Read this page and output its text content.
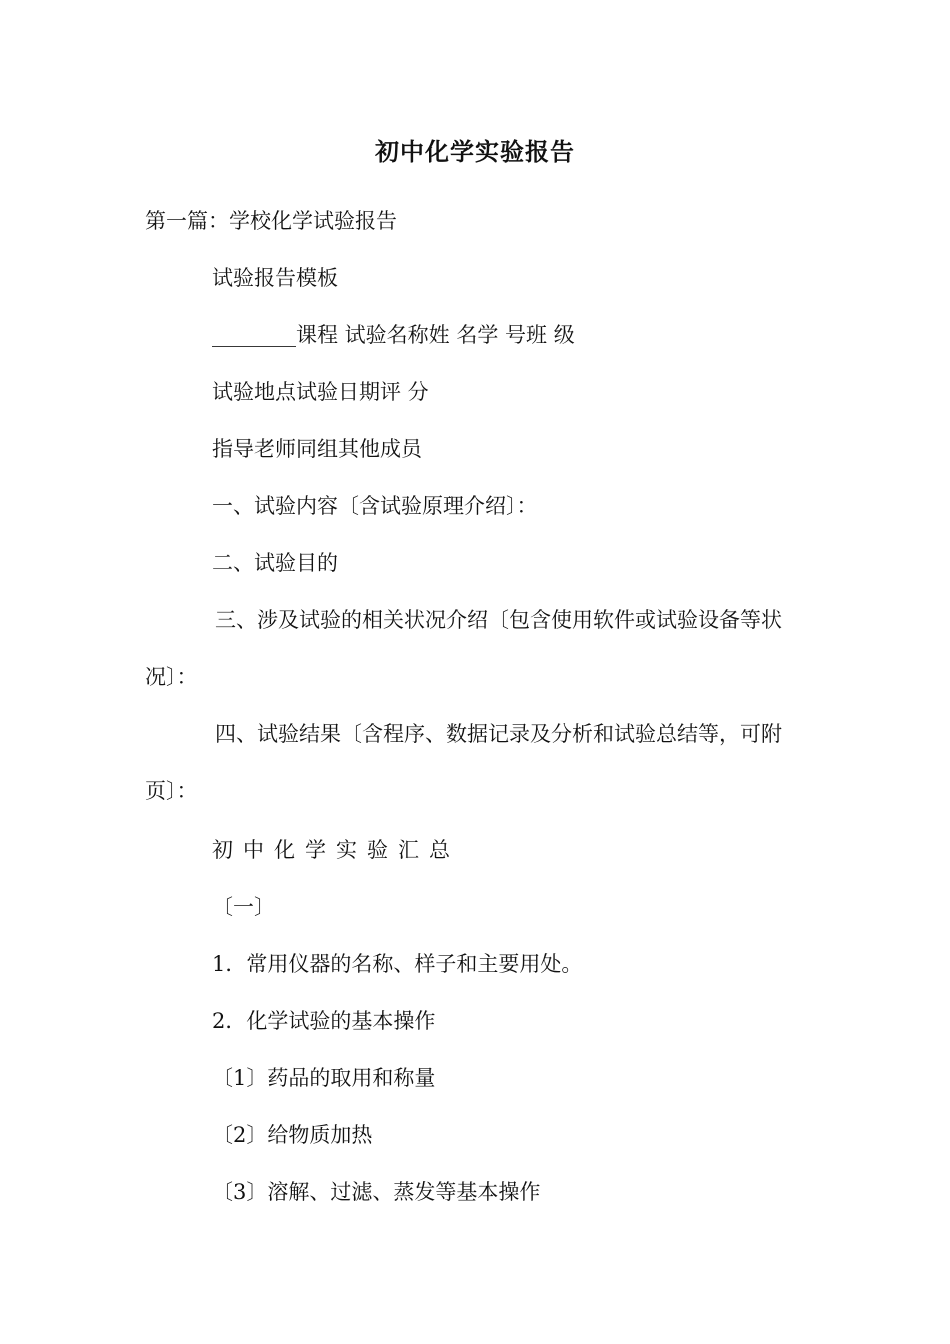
初中化学实验报告
第一篇：学校化学试验报告
试验报告模板
________课程 试验名称姓 名学 号班 级
试验地点试验日期评 分
指导老师同组其他成员
一、试验内容〔含试验原理介绍〕：
二、试验目的
三、涉及试验的相关状况介绍〔包含使用软件或试验设备等状况〕：
四、试验结果〔含程序、数据记录及分析和试验总结等，可附页〕：
初中化学实验汇总
〔一〕
1．常用仪器的名称、样子和主要用处。
2．化学试验的基本操作
〔1〕药品的取用和称量
〔2〕给物质加热
〔3〕溶解、过滤、蒸发等基本操作
